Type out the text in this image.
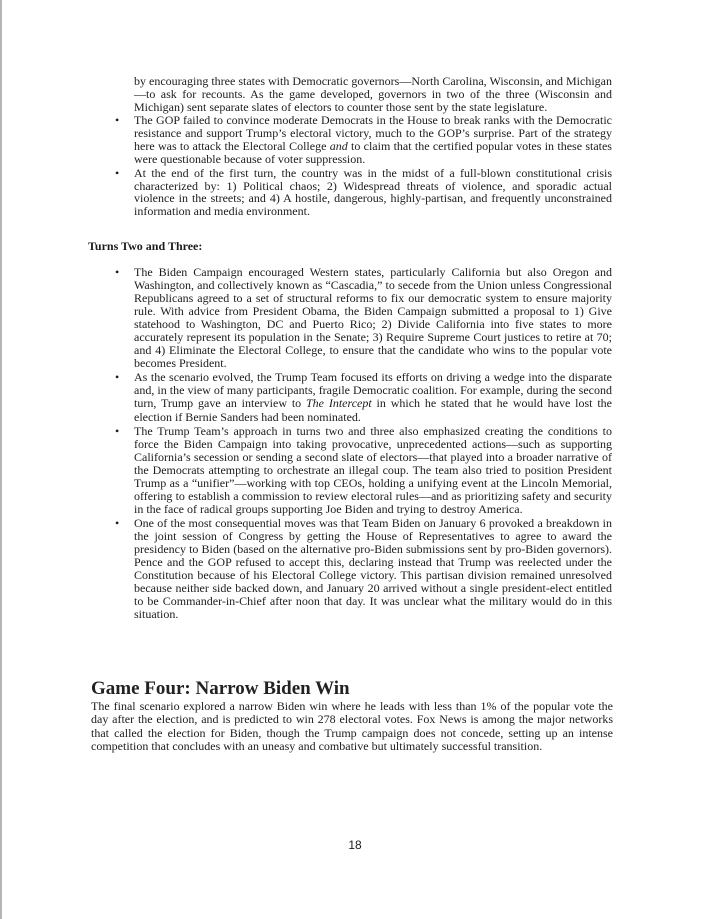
by encouraging three states with Democratic governors—North Carolina, Wisconsin, and Michigan—to ask for recounts. As the game developed, governors in two of the three (Wisconsin and Michigan) sent separate slates of electors to counter those sent by the state legislature.

• The GOP failed to convince moderate Democrats in the House to break ranks with the Democratic resistance and support Trump’s electoral victory, much to the GOP’s surprise. Part of the strategy here was to attack the Electoral College and to claim that the certified popular votes in these states were questionable because of voter suppression.
• At the end of the first turn, the country was in the midst of a full-blown constitutional crisis characterized by: 1) Political chaos; 2) Widespread threats of violence, and sporadic actual violence in the streets; and 4) A hostile, dangerous, highly-partisan, and frequently unconstrained information and media environment.
Turns Two and Three:
• The Biden Campaign encouraged Western states, particularly California but also Oregon and Washington, and collectively known as “Cascadia,” to secede from the Union unless Congressional Republicans agreed to a set of structural reforms to fix our democratic system to ensure majority rule. With advice from President Obama, the Biden Campaign submitted a proposal to 1) Give statehood to Washington, DC and Puerto Rico; 2) Divide California into five states to more accurately represent its population in the Senate; 3) Require Supreme Court justices to retire at 70; and 4) Eliminate the Electoral College, to ensure that the candidate who wins to the popular vote becomes President.
• As the scenario evolved, the Trump Team focused its efforts on driving a wedge into the disparate and, in the view of many participants, fragile Democratic coalition. For example, during the second turn, Trump gave an interview to The Intercept in which he stated that he would have lost the election if Bernie Sanders had been nominated.
• The Trump Team’s approach in turns two and three also emphasized creating the conditions to force the Biden Campaign into taking provocative, unprecedented actions—such as supporting California’s secession or sending a second slate of electors—that played into a broader narrative of the Democrats attempting to orchestrate an illegal coup. The team also tried to position President Trump as a “unifier”—working with top CEOs, holding a unifying event at the Lincoln Memorial, offering to establish a commission to review electoral rules—and as prioritizing safety and security in the face of radical groups supporting Joe Biden and trying to destroy America.
• One of the most consequential moves was that Team Biden on January 6 provoked a breakdown in the joint session of Congress by getting the House of Representatives to agree to award the presidency to Biden (based on the alternative pro-Biden submissions sent by pro-Biden governors). Pence and the GOP refused to accept this, declaring instead that Trump was reelected under the Constitution because of his Electoral College victory. This partisan division remained unresolved because neither side backed down, and January 20 arrived without a single president-elect entitled to be Commander-in-Chief after noon that day. It was unclear what the military would do in this situation.
Game Four: Narrow Biden Win

The final scenario explored a narrow Biden win where he leads with less than 1% of the popular vote the day after the election, and is predicted to win 278 electoral votes. Fox News is among the major networks that called the election for Biden, though the Trump campaign does not concede, setting up an intense competition that concludes with an uneasy and combative but ultimately successful transition.

18
